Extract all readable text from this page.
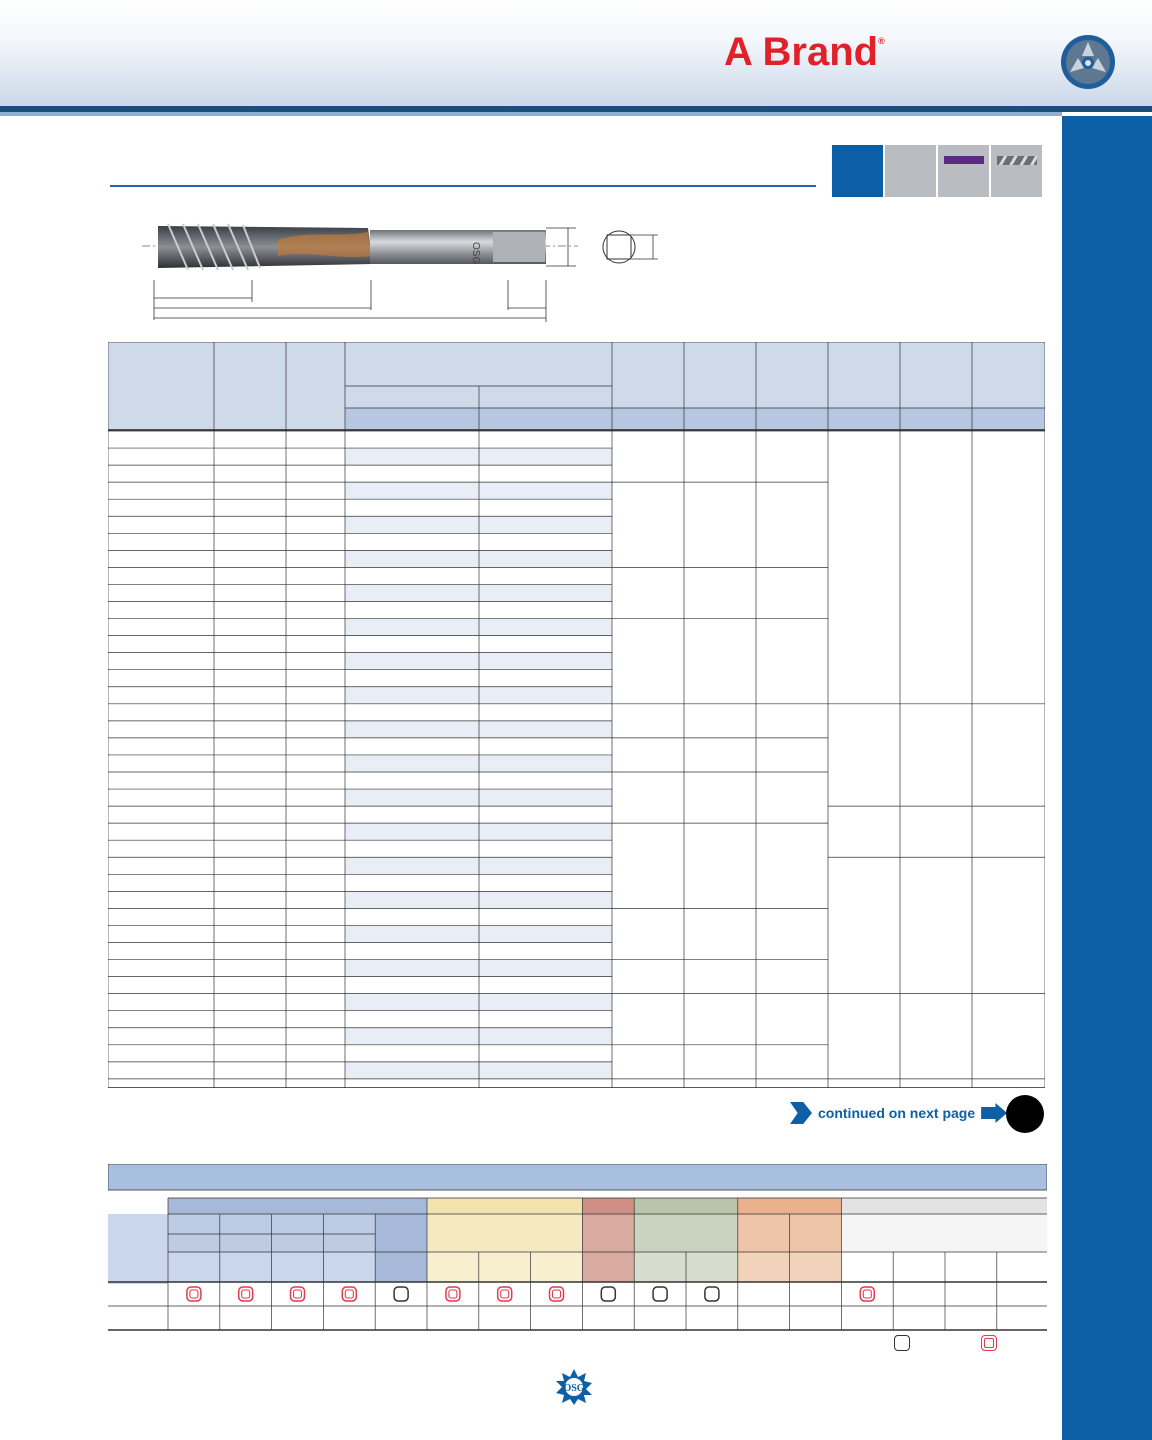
A Brand®
OSG
continued on next page
OSG
